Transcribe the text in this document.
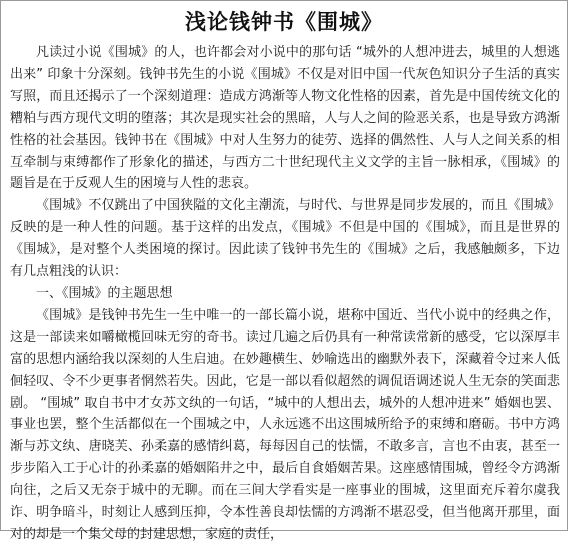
浅论钱钟书《围城》

凡读过小说《围城》的人，也许都会对小说中的那句话 “城外的人想冲进去，城里的人想逃出来” 印象十分深刻。钱钟书先生的小说《围城》不仅是对旧中国一代灰色知识分子生活的真实写照，而且还揭示了一个深刻道理：造成方鸿渐等人物文化性格的因素，首先是中国传统文化的糟粕与西方现代文明的堕落；其次是现实社会的黑暗，人与人之间的险恶关系，也是导致方鸿渐性格的社会基因。钱钟书在《围城》中对人生努力的徒劳、选择的偶然性、人与人之间关系的相互牵制与束缚都作了形象化的描述，与西方二十世纪现代主义文学的主旨一脉相承，《围城》的题旨是在于反观人生的困境与人性的悲哀。

《围城》不仅跳出了中国狭隘的文化主潮流，与时代、与世界是同步发展的，而且《围城》反映的是一种人性的问题。基于这样的出发点，《围城》不但是中国的《围城》，而且是世界的《围城》，是对整个人类困境的探讨。因此读了钱钟书先生的《围城》之后，我感触颇多，下边有几点粗浅的认识：

一、《围城》的主题思想

《围城》是钱钟书先生一生中唯一的一部长篇小说，堪称中国近、当代小说中的经典之作，这是一部读来如嚼橄榄回味无穷的奇书。读过几遍之后仍具有一种常读常新的感受，它以深厚丰富的思想内涵给我以深刻的人生启迪。在妙趣横生、妙喻选出的幽默外表下，深藏着令过来人低佪轻叹、令不少更事者惘然若失。因此，它是一部以看似超然的调侃语调述说人生无奈的笑面悲剧。 “围城” 取自书中才女苏文纨的一句话，“城中的人想出去，城外的人想冲进来” 婚姻也罢、事业也罢，整个生活都似在一个围城之中，人永远逃不出这围城所给予的束缚和磨砺。书中方鸿渐与苏文纨、唐晓芙、孙柔嘉的感情纠葛，每每因自己的怯懦，不敢多言，言也不由衷，甚至一步步陷入工于心计的孙柔嘉的婚姻陷井之中，最后自食婚姻苦果。这座感情围城，曾经令方鸿渐向往，之后又无奈于城中的无聊。而在三间大学看实是一座事业的围城，这里面充斥着尔虞我诈、明争暗斗，时刻让人感到压抑，令本性善良却怯懦的方鸿渐不堪忍受，但当他离开那里，面对的却是一个集父母的封建思想，家庭的责任，
